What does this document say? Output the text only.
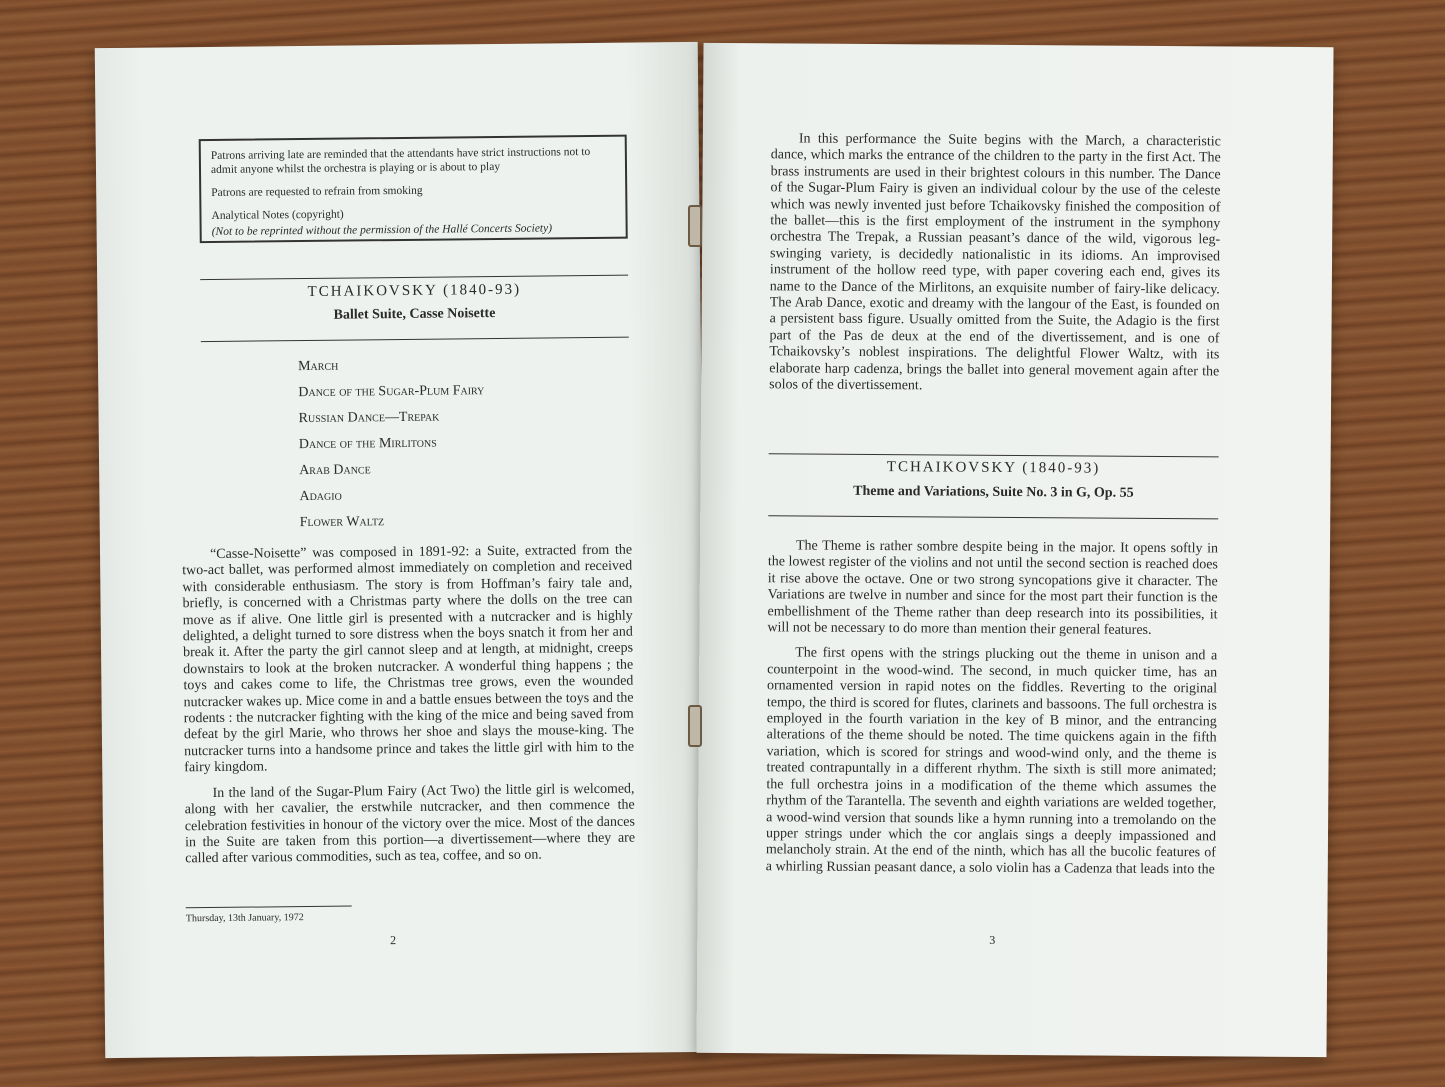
Patrons arriving late are reminded that the attendants have strict instructions not to admit anyone whilst the orchestra is playing or is about to play

Patrons are requested to refrain from smoking

Analytical Notes (copyright)

(Not to be reprinted without the permission of the Hallé Concerts Society)

TCHAIKOVSKY (1840-93)
Ballet Suite, Casse Noisette
March
Dance of the Sugar-Plum Fairy
Russian Dance—Trepak
Dance of the Mirlitons
Arab Dance
Adagio
Flower Waltz

“Casse-Noisette” was composed in 1891-92: a Suite, extracted from the two-act ballet, was performed almost immediately on completion and received with considerable enthusiasm. The story is from Hoffman’s fairy tale and, briefly, is concerned with a Christmas party where the dolls on the tree can move as if alive. One little girl is presented with a nutcracker and is highly delighted, a delight turned to sore distress when the boys snatch it from her and break it. After the party the girl cannot sleep and at length, at midnight, creeps downstairs to look at the broken nutcracker. A wonderful thing happens ; the toys and cakes come to life, the Christmas tree grows, even the wounded nutcracker wakes up. Mice come in and a battle ensues between the toys and the rodents : the nutcracker fighting with the king of the mice and being saved from defeat by the girl Marie, who throws her shoe and slays the mouse-king. The nutcracker turns into a handsome prince and takes the little girl with him to the fairy kingdom.

In the land of the Sugar-Plum Fairy (Act Two) the little girl is welcomed, along with her cavalier, the erstwhile nutcracker, and then commence the celebration festivities in honour of the victory over the mice. Most of the dances in the Suite are taken from this portion—a divertissement—where they are called after various commodities, such as tea, coffee, and so on.

Thursday, 13th January, 1972
2

In this performance the Suite begins with the March, a characteristic dance, which marks the entrance of the children to the party in the first Act. The brass instruments are used in their brightest colours in this number. The Dance of the Sugar-Plum Fairy is given an individual colour by the use of the celeste which was newly invented just before Tchaikovsky finished the composition of the ballet—this is the first employment of the instrument in the symphony orchestra The Trepak, a Russian peasant’s dance of the wild, vigorous leg-swinging variety, is decidedly nationalistic in its idioms. An improvised instrument of the hollow reed type, with paper covering each end, gives its name to the Dance of the Mirlitons, an exquisite number of fairy-like delicacy. The Arab Dance, exotic and dreamy with the langour of the East, is founded on a persistent bass figure. Usually omitted from the Suite, the Adagio is the first part of the Pas de deux at the end of the divertissement, and is one of Tchaikovsky’s noblest inspirations. The delightful Flower Waltz, with its elaborate harp cadenza, brings the ballet into general movement again after the solos of the divertissement.

TCHAIKOVSKY (1840-93)
Theme and Variations, Suite No. 3 in G, Op. 55

The Theme is rather sombre despite being in the major. It opens softly in the lowest register of the violins and not until the second section is reached does it rise above the octave. One or two strong syncopations give it character. The Variations are twelve in number and since for the most part their function is the embellishment of the Theme rather than deep research into its possibilities, it will not be necessary to do more than mention their general features.

The first opens with the strings plucking out the theme in unison and a counterpoint in the wood-wind. The second, in much quicker time, has an ornamented version in rapid notes on the fiddles. Reverting to the original tempo, the third is scored for flutes, clarinets and bassoons. The full orchestra is employed in the fourth variation in the key of B minor, and the entrancing alterations of the theme should be noted. The time quickens again in the fifth variation, which is scored for strings and wood-wind only, and the theme is treated contrapuntally in a different rhythm. The sixth is still more animated; the full orchestra joins in a modification of the theme which assumes the rhythm of the Tarantella. The seventh and eighth variations are welded together, a wood-wind version that sounds like a hymn running into a tremolando on the upper strings under which the cor anglais sings a deeply impassioned and melancholy strain. At the end of the ninth, which has all the bucolic features of a whirling Russian peasant dance, a solo violin has a Cadenza that leads into the

3
